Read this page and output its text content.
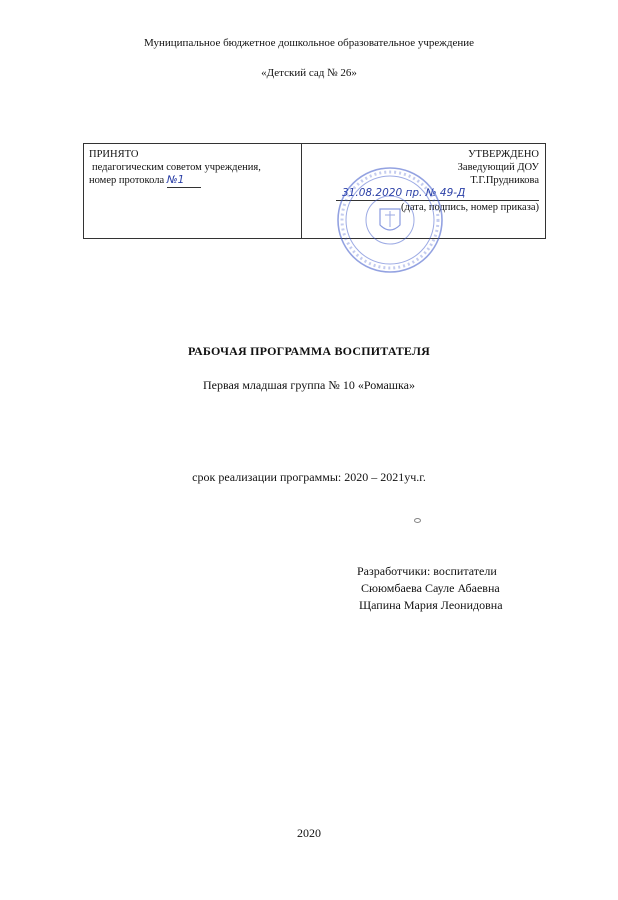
Муниципальное бюджетное дошкольное образовательное учреждение
«Детский сад № 26»
ПРИНЯТО
педагогическим советом учреждения,
номер протокола №1
УТВЕРЖДЕНО
Заведующий ДОУ
Т.Г.Прудникова
31.08.2020 пр. № 49-Д
(дата, подпись, номер приказа)
РАБОЧАЯ ПРОГРАММА ВОСПИТАТЕЛЯ
Первая младшая группа № 10 «Ромашка»
срок реализации программы: 2020 – 2021уч.г.
Разработчики: воспитатели
Сююмбаева Сауле Абаевна
Щапина Мария Леонидовна
2020
